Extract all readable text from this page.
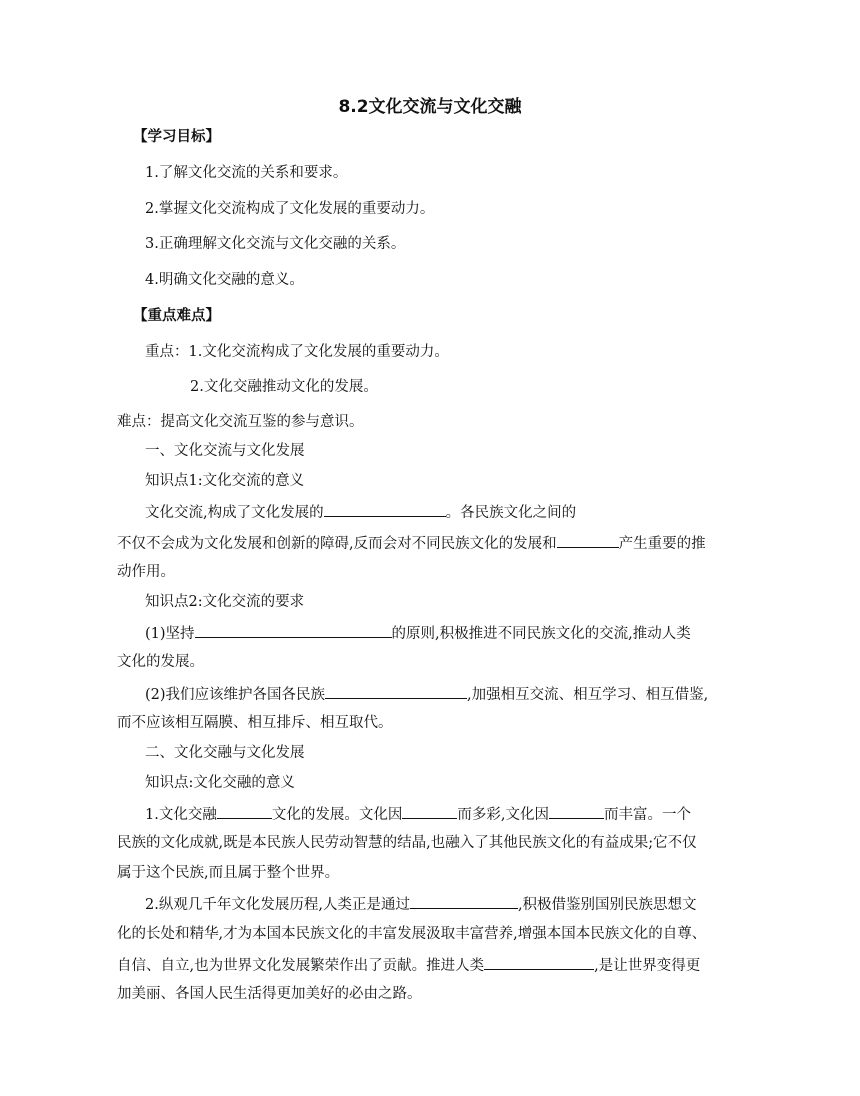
8.2文化交流与文化交融
【学习目标】
1.了解文化交流的关系和要求。
2.掌握文化交流构成了文化发展的重要动力。
3.正确理解文化交流与文化交融的关系。
4.明确文化交融的意义。
【重点难点】
重点：1.文化交流构成了文化发展的重要动力。
2.文化交融推动文化的发展。
难点：提高文化交流互鉴的参与意识。
一、文化交流与文化发展
知识点1:文化交流的意义
文化交流,构成了文化发展的	。各民族文化之间的
不仅不会成为文化发展和创新的障碍,反而会对不同民族文化的发展和	产生重要的推
动作用。
知识点2:文化交流的要求
(1)坚持	的原则,积极推进不同民族文化的交流,推动人类
文化的发展。
(2)我们应该维护各国各民族	,加强相互交流、相互学习、相互借鉴,
而不应该相互隔膜、相互排斥、相互取代。
二、文化交融与文化发展
知识点:文化交融的意义
1.文化交融	文化的发展。文化因	而多彩,文化因	而丰富。一个
民族的文化成就,既是本民族人民劳动智慧的结晶,也融入了其他民族文化的有益成果;它不仅
属于这个民族,而且属于整个世界。
2.纵观几千年文化发展历程,人类正是通过	,积极借鉴别国别民族思想文
化的长处和精华,才为本国本民族文化的丰富发展汲取丰富营养,增强本国本民族文化的自尊、
自信、自立,也为世界文化发展繁荣作出了贡献。推进人类	,是让世界变得更
加美丽、各国人民生活得更加美好的必由之路。
